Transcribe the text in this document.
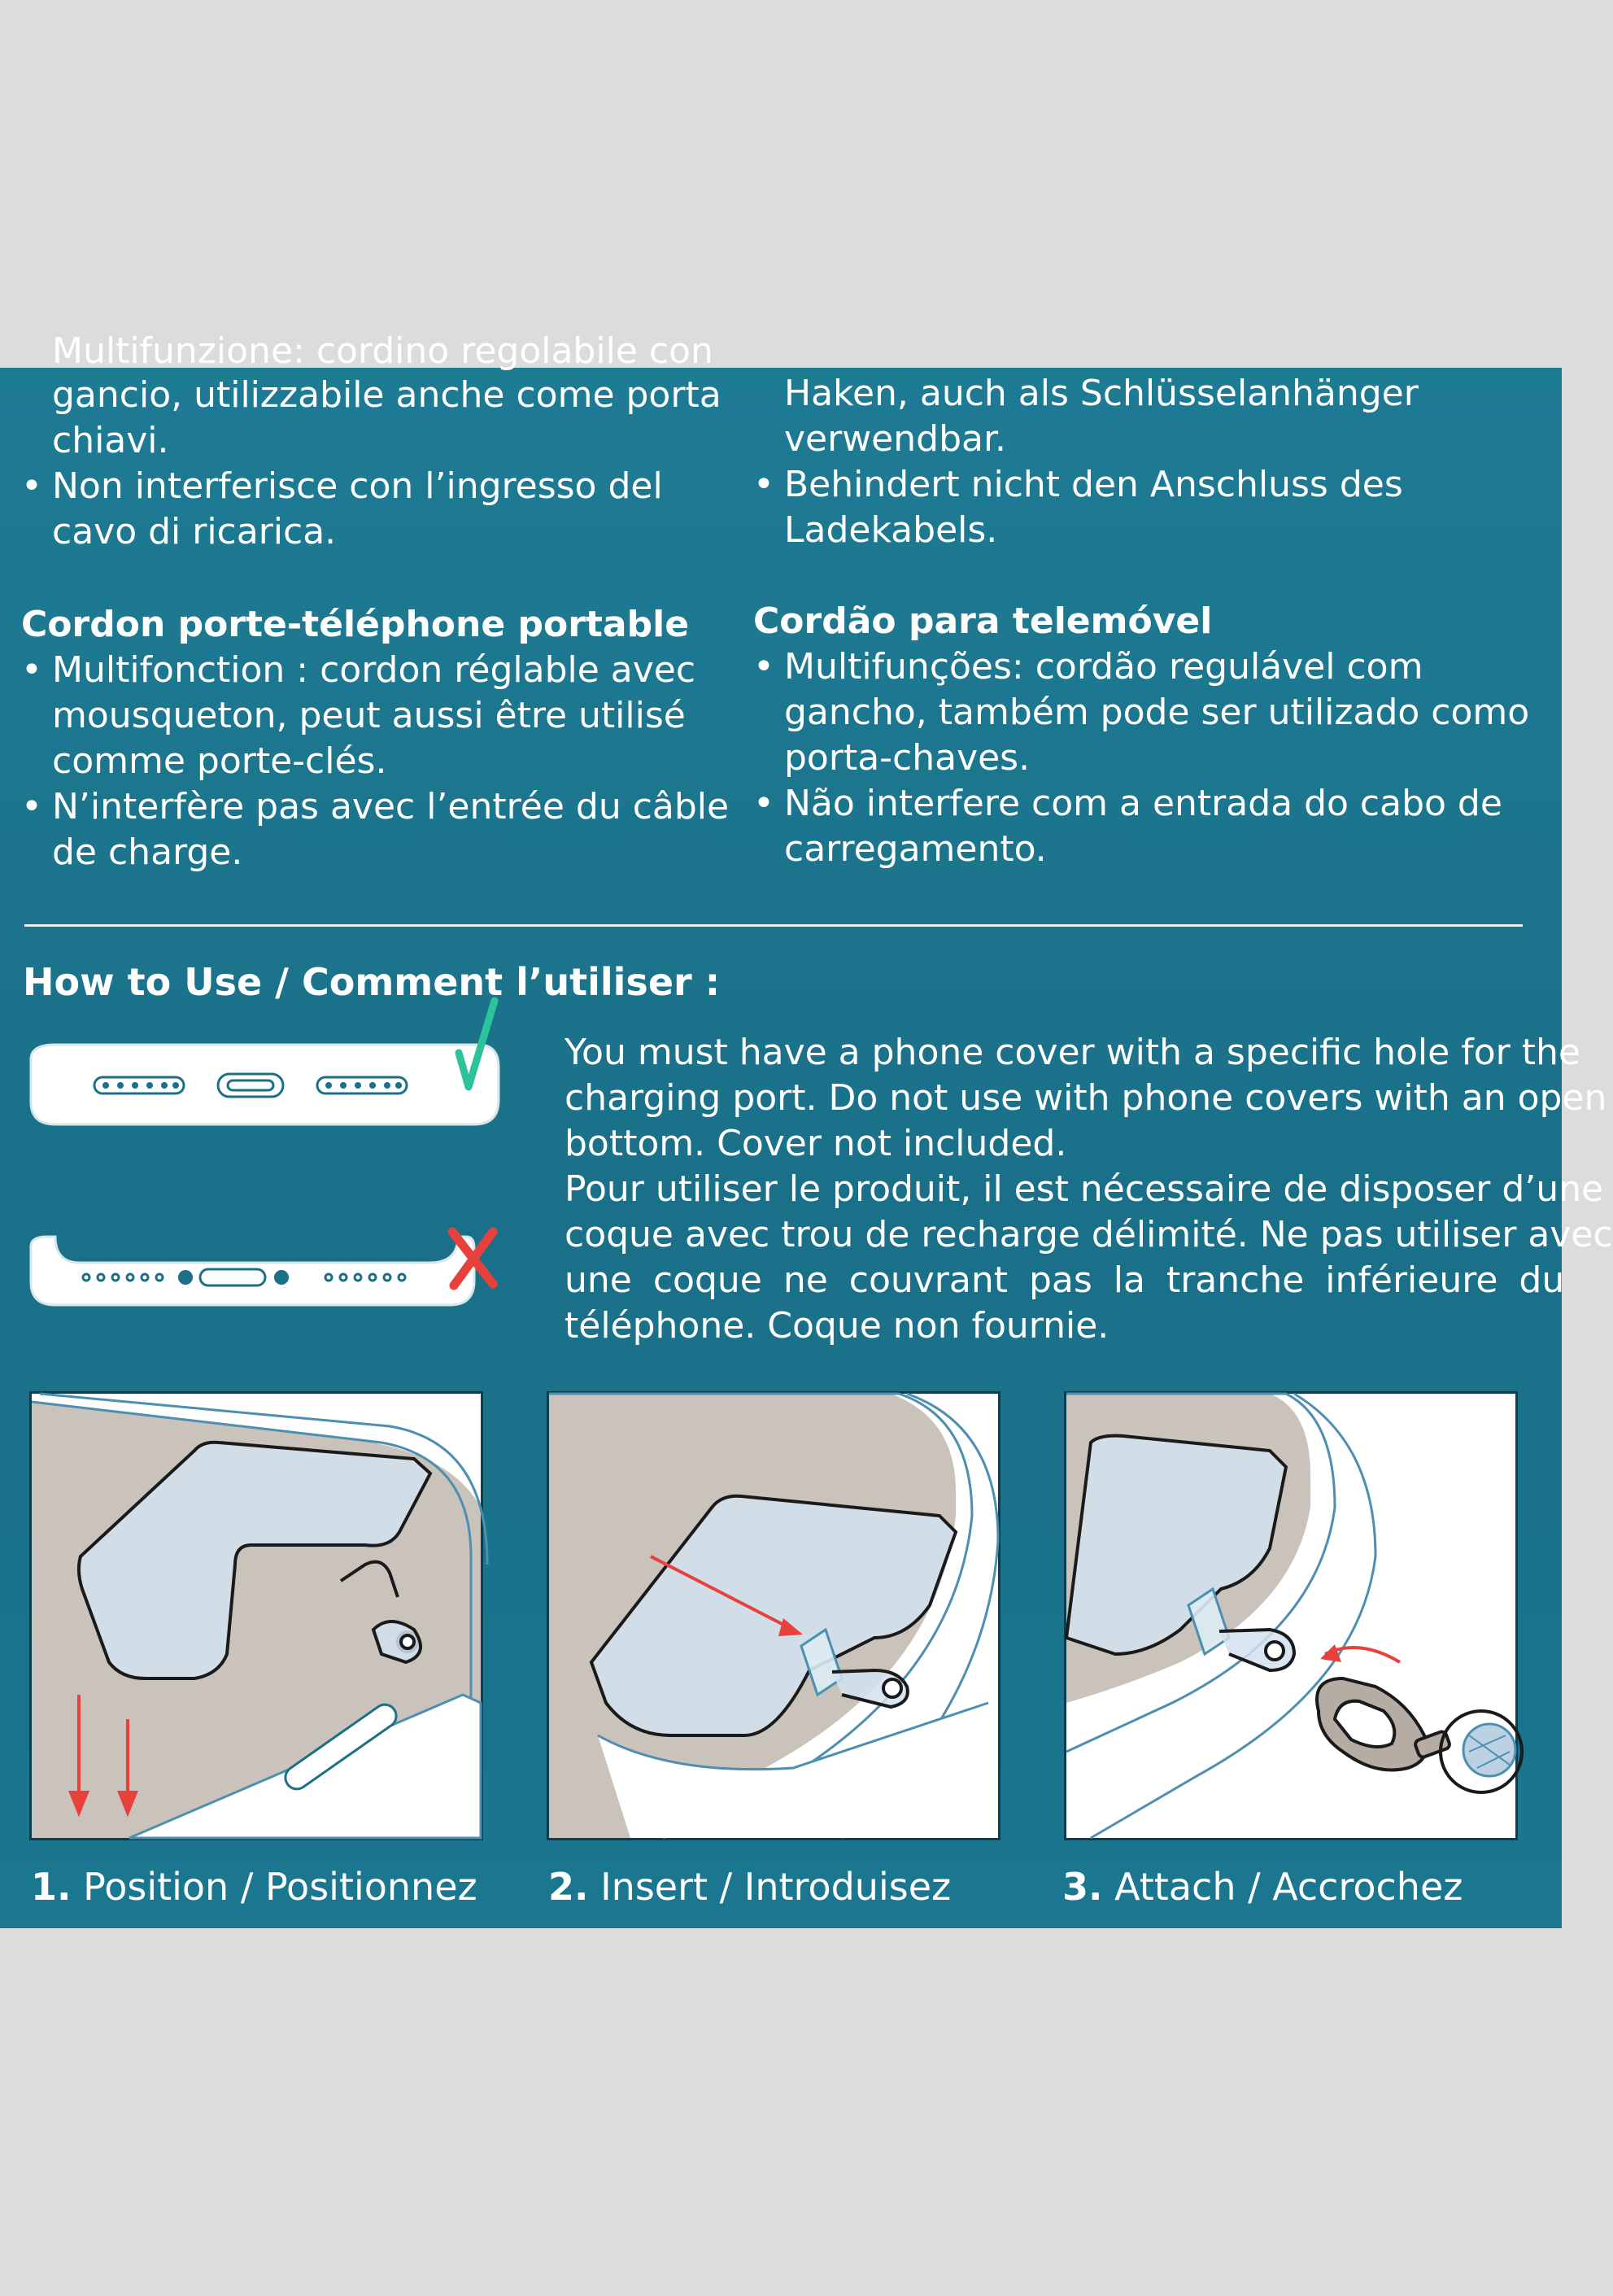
Multifunzione: cordino regolabile con
gancio, utilizzabile anche come porta
chiavi.
• Non interferisce con l’ingresso del
cavo di ricarica.
Haken, auch als Schlüsselanhänger
verwendbar.
• Behindert nicht den Anschluss des
Ladekabels.
Cordon porte-téléphone portable
• Multifonction : cordon réglable avec
mousqueton, peut aussi être utilisé
comme porte-clés.
• N’interfère pas avec l’entrée du câble
de charge.
Cordão para telemóvel
• Multifunções: cordão regulável com
gancho, também pode ser utilizado como
porta-chaves.
• Não interfere com a entrada do cabo de
carregamento.
How to Use / Comment l’utiliser :
You must have a phone cover with a specific hole for the
charging port. Do not use with phone covers with an open
bottom. Cover not included.
Pour utiliser le produit, il est nécessaire de disposer d’une
coque avec trou de recharge délimité. Ne pas utiliser avec
une coque ne couvrant pas la tranche inférieure du
téléphone. Coque non fournie.
1. Position / Positionnez 2. Insert / Introduisez	3. Attach / Accrochez
